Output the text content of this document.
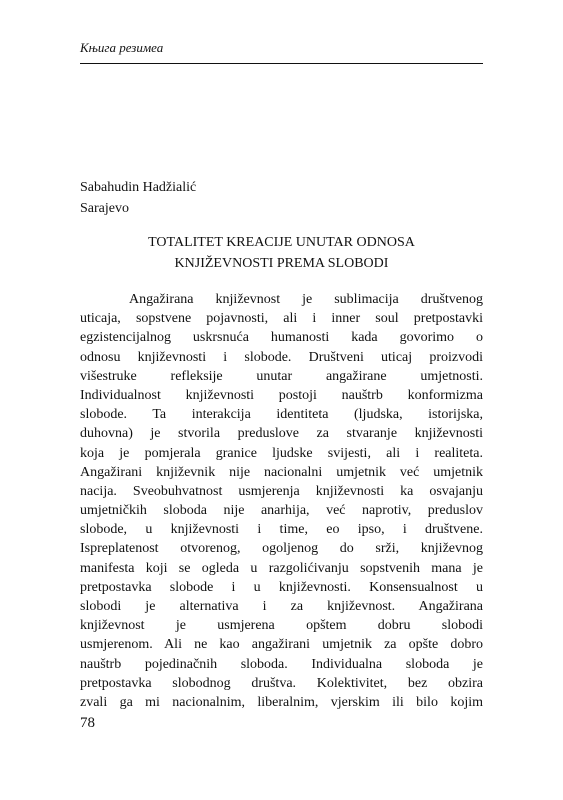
Књига резимеа
Sabahudin Hadžialić
Sarajevo
TOTALITET KREACIJE UNUTAR ODNOSA
KNJIŽEVNOSTI PREMA SLOBODI
Angažirana književnost je sublimacija društvenog
uticaja, sopstvene pojavnosti, ali i inner soul pretpostavki
egzistencijalnog uskrsnuća humanosti kada govorimo o
odnosu književnosti i slobode. Društveni uticaj proizvodi
višestruke refleksije unutar angažirane umjetnosti.
Individualnost književnosti postoji nauštrb konformizma
slobode. Ta interakcija identiteta (ljudska, istorijska,
duhovna) je stvorila preduslove za stvaranje književnosti
koja je pomjerala granice ljudske svijesti, ali i realiteta.
Angažirani književnik nije nacionalni umjetnik već umjetnik
nacija. Sveobuhvatnost usmjerenja književnosti ka osvajanju
umjetničkih sloboda nije anarhija, već naprotiv, preduslov
slobode, u književnosti i time, eo ipso, i društvene.
Ispreplatenost otvorenog, ogoljenog do srži, književnog
manifesta koji se ogleda u razgolićivanju sopstvenih mana je
pretpostavka slobode i u književnosti. Konsensualnost u
slobodi je alternativa i za književnost. Angažirana
književnost je usmjerena opštem dobru slobodi
usmjerenom. Ali ne kao angažirani umjetnik za opšte dobro
nauštrb pojedinačnih sloboda. Individualna sloboda je
pretpostavka slobodnog društva. Kolektivitet, bez obzira
zvali ga mi nacionalnim, liberalnim, vjerskim ili bilo kojim
78
